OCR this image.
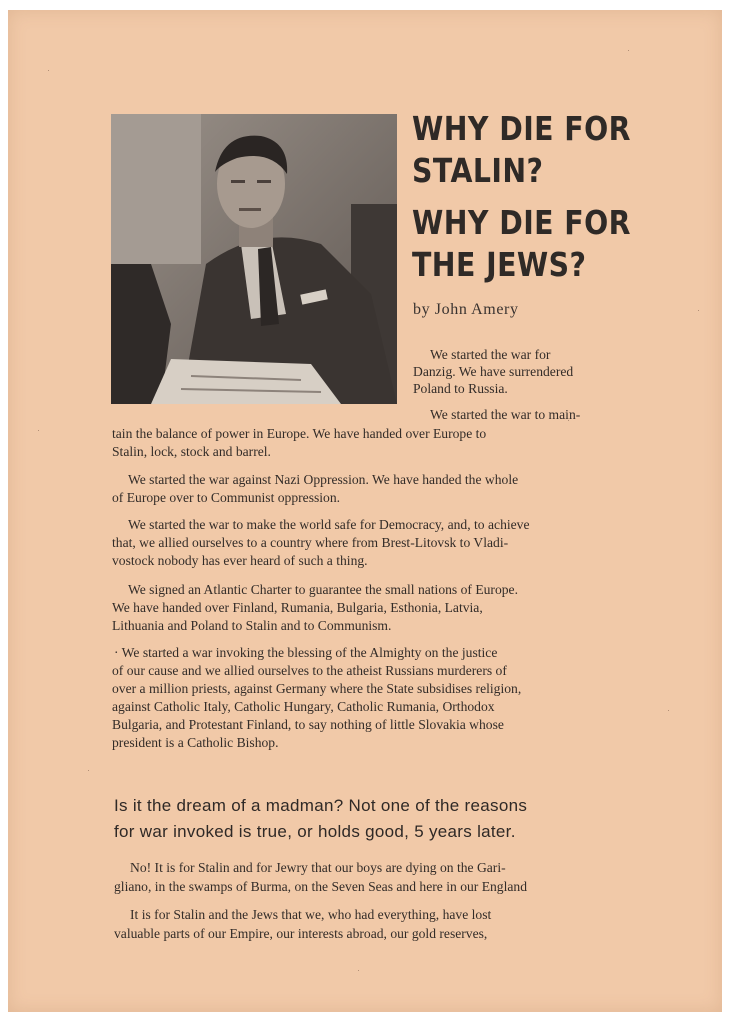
WHY DIE FOR
STALIN?
WHY DIE FOR
THE JEWS?
by John Amery
We started the war for
Danzig. We have surrendered
Poland to Russia.
We started the war to main-
tain the balance of power in Europe. We have handed over Europe to
Stalin, lock, stock and barrel.
We started the war against Nazi Oppression. We have handed the whole
of Europe over to Communist oppression.
We started the war to make the world safe for Democracy, and, to achieve
that, we allied ourselves to a country where from Brest-Litovsk to Vladi-
vostock nobody has ever heard of such a thing.
We signed an Atlantic Charter to guarantee the small nations of Europe.
We have handed over Finland, Rumania, Bulgaria, Esthonia, Latvia,
Lithuania and Poland to Stalin and to Communism.
· We started a war invoking the blessing of the Almighty on the justice
of our cause and we allied ourselves to the atheist Russians murderers of
over a million priests, against Germany where the State subsidises religion,
against Catholic Italy, Catholic Hungary, Catholic Rumania, Orthodox
Bulgaria, and Protestant Finland, to say nothing of little Slovakia whose
president is a Catholic Bishop.
Is it the dream of a madman? Not one of the reasons
for war invoked is true, or holds good, 5 years later.
No! It is for Stalin and for Jewry that our boys are dying on the Gari-
gliano, in the swamps of Burma, on the Seven Seas and here in our England
It is for Stalin and the Jews that we, who had everything, have lost
valuable parts of our Empire, our interests abroad, our gold reserves,
